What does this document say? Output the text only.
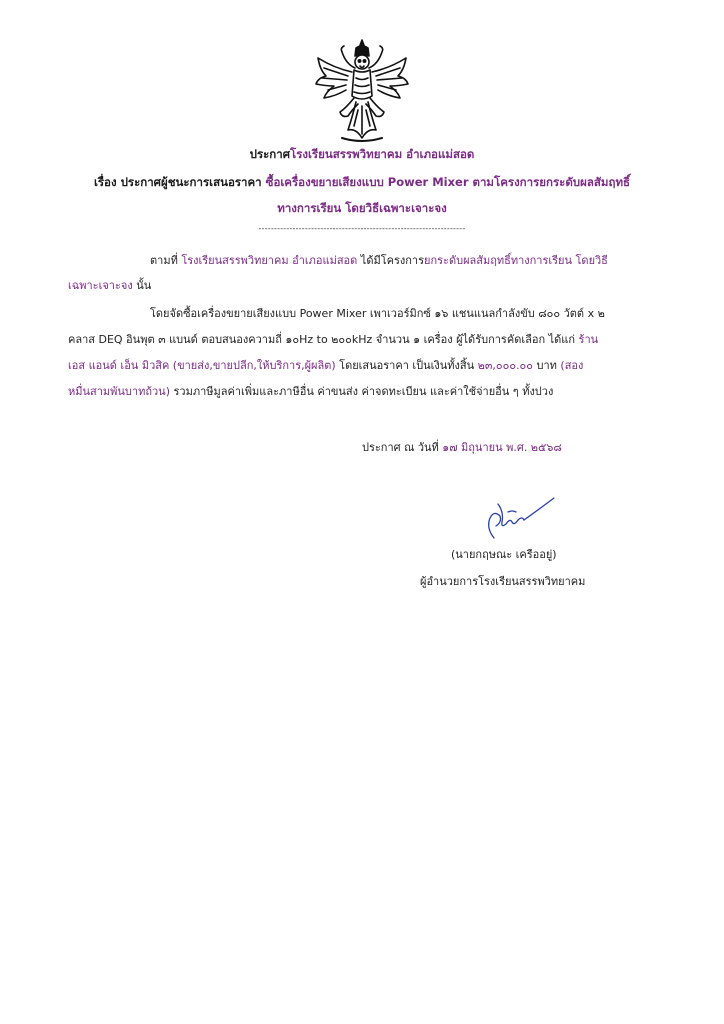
ประกาศโรงเรียนสรรพวิทยาคม อำเภอแม่สอด
เรื่อง ประกาศผู้ชนะการเสนอราคา ซื้อเครื่องขยายเสียงแบบ Power Mixer ตามโครงการยกระดับผลสัมฤทธิ์
ทางการเรียน โดยวิธีเฉพาะเจาะจง
-------------------------------------------------------------------
ตามที่ โรงเรียนสรรพวิทยาคม อำเภอแม่สอด ได้มีโครงการยกระดับผลสัมฤทธิ์ทางการเรียน โดยวิธี
เฉพาะเจาะจง นั้น
โดยจัดซื้อเครื่องขยายเสียงแบบ Power Mixer เพาเวอร์มิกซ์ ๑๖ แชนแนลกำลังขับ ๘๐๐ วัตต์ x ๒
คลาส DEQ อินพุต ๓ แบนด์ ตอบสนองความถี่ ๑๐Hz to ๒๐๐kHz จำนวน ๑ เครื่อง ผู้ได้รับการคัดเลือก ได้แก่ ร้าน
เอส แอนด์ เอ็น มิวสิค (ขายส่ง,ขายปลีก,ให้บริการ,ผู้ผลิต) โดยเสนอราคา เป็นเงินทั้งสิ้น ๒๓,๐๐๐.๐๐ บาท (สอง
หมื่นสามพันบาทถ้วน) รวมภาษีมูลค่าเพิ่มและภาษีอื่น ค่าขนส่ง ค่าจดทะเบียน และค่าใช้จ่ายอื่น ๆ ทั้งปวง
ประกาศ ณ วันที่ ๑๗ มิถุนายน พ.ศ. ๒๕๖๘
(นายกฤษณะ เครืออยู่)
ผู้อำนวยการโรงเรียนสรรพวิทยาคม
